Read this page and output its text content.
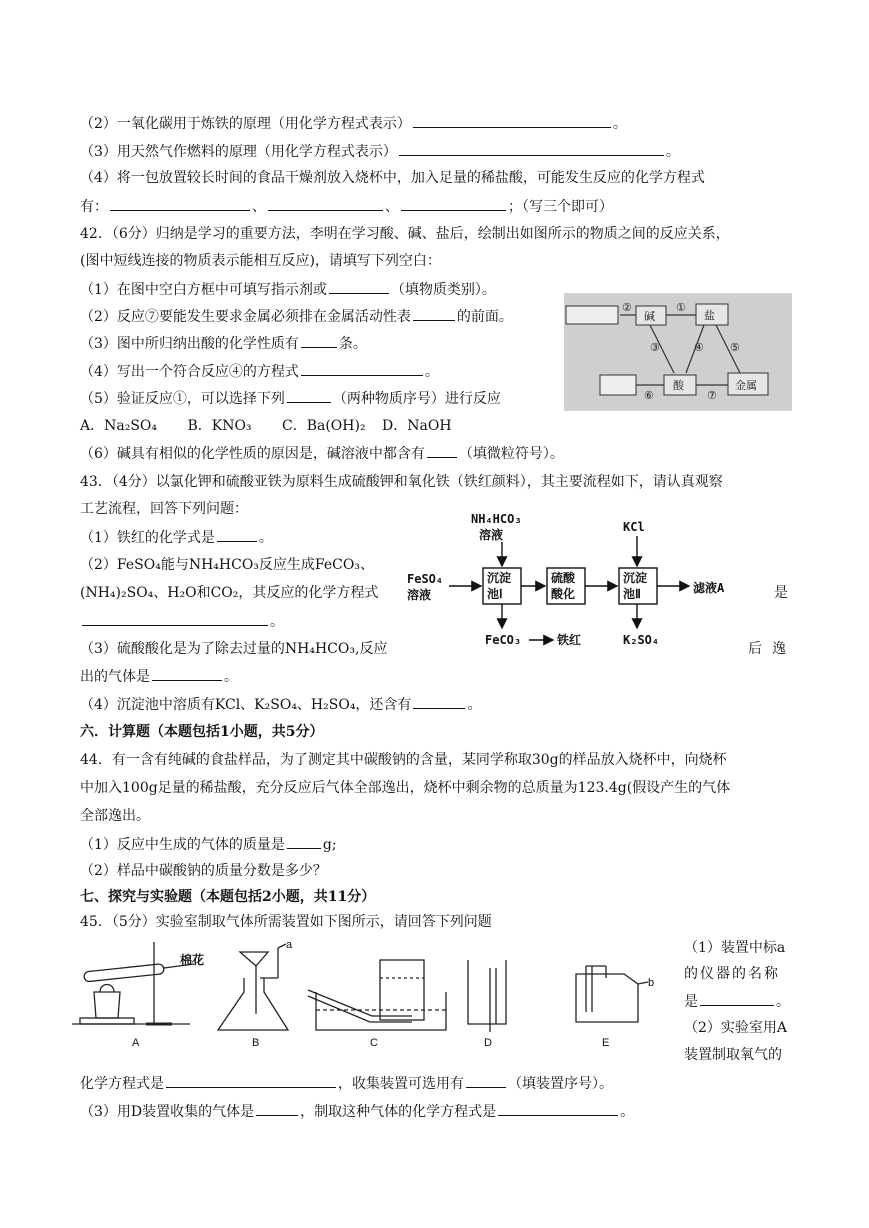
（2）一氧化碳用于炼铁的原理（用化学方程式表示）	。
（3）用天然气作燃料的原理（用化学方程式表示）	。
（4）将一包放置较长时间的食品干燥剂放入烧杯中，加入足量的稀盐酸，可能发生反应的化学方程式
有：	、	、	；（写三个即可）
42．（6分）归纳是学习的重要方法，李明在学习酸、碱、盐后，绘制出如图所示的物质之间的反应关系，
(图中短线连接的物质表示能相互反应)，请填写下列空白：
（1）在图中空白方框中可填写指示剂或	（填物质类别）。
（2）反应⑦要能发生要求金属必须排在金属活动性表	的前面。
（3）图中所归纳出酸的化学性质有	条。
（4）写出一个符合反应④的方程式	。
（5）验证反应①，可以选择下列	（两种物质序号）进行反应
A．Na₂SO₄ B．KNO₃ C．Ba(OH)₂ D．NaOH
（6）碱具有相似的化学性质的原因是，碱溶液中都含有 （填微粒符号）。
碱	盐
酸	金属
②	①
③	④ ⑤
⑥	⑦
43．（4分）以氯化钾和硫酸亚铁为原料生成硫酸钾和氧化铁（铁红颜料），其主要流程如下，请认真观察
工艺流程，回答下列问题：
（1）铁红的化学式是	。
（2）FeSO₄能与NH₄HCO₃反应生成FeCO₃、
(NH₄)₂SO₄、H₂O和CO₂，其反应的化学方程式	是
。
（3）硫酸酸化是为了除去过量的NH₄HCO₃,反应	后逸
出的气体是	。
（4）沉淀池中溶质有KCl、K₂SO₄、H₂SO₄，还含有	。
NH₄HCO₃
溶液
KCl
FeSO₄
溶液
沉淀
池Ⅰ
硫酸
酸化
沉淀
池Ⅱ	滤液A
FeCO₃	铁红	K₂SO₄
六．计算题（本题包括1小题，共5分）
44．有一含有纯碱的食盐样品，为了测定其中碳酸钠的含量，某同学称取30g的样品放入烧杯中，向烧杯
中加入100g足量的稀盐酸，充分反应后气体全部逸出，烧杯中剩余物的总质量为123.4g(假设产生的气体
全部逸出。
（1）反应中生成的气体的质量是	g;
（2）样品中碳酸钠的质量分数是多少？
七、探究与实验题（本题包括2小题，共11分）
45．（5分）实验室制取气体所需装置如下图所示，请回答下列问题
（1）装置中标a
的仪器的名称
是	。
（2）实验室用A
装置制取氧气的
棉花
a
b
A	B	C	D	E
化学方程式是	，收集装置可选用有	（填装置序号）。
（3）用D装置收集的气体是	，制取这种气体的化学方程式是	。
